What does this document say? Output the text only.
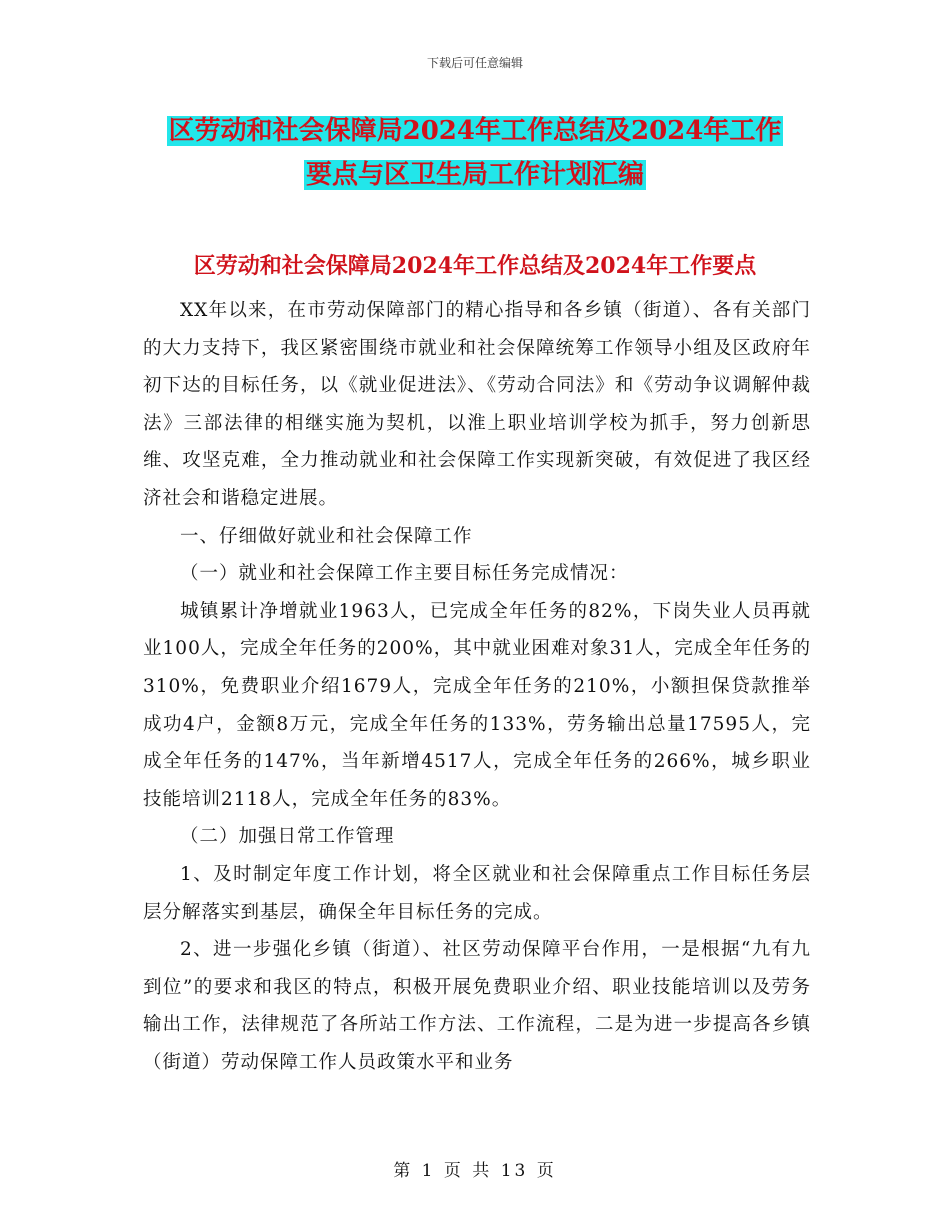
下载后可任意编辑
区劳动和社会保障局2024年工作总结及2024年工作
要点与区卫生局工作计划汇编
区劳动和社会保障局2024年工作总结及2024年工作要点

XX年以来，在市劳动保障部门的精心指导和各乡镇（街道）、各有关部门的大力支持下，我区紧密围绕市就业和社会保障统筹工作领导小组及区政府年初下达的目标任务，以《就业促进法》、《劳动合同法》和《劳动争议调解仲裁法》三部法律的相继实施为契机，以淮上职业培训学校为抓手，努力创新思维、攻坚克难，全力推动就业和社会保障工作实现新突破，有效促进了我区经济社会和谐稳定进展。

一、仔细做好就业和社会保障工作

（一）就业和社会保障工作主要目标任务完成情况：

城镇累计净增就业1963人，已完成全年任务的82%，下岗失业人员再就业100人，完成全年任务的200%，其中就业困难对象31人，完成全年任务的310%，免费职业介绍1679人，完成全年任务的210%，小额担保贷款推举成功4户，金额8万元，完成全年任务的133%，劳务输出总量17595人，完成全年任务的147%，当年新增4517人，完成全年任务的266%，城乡职业技能培训2118人，完成全年任务的83%。

（二）加强日常工作管理

1、及时制定年度工作计划，将全区就业和社会保障重点工作目标任务层层分解落实到基层，确保全年目标任务的完成。

2、进一步强化乡镇（街道）、社区劳动保障平台作用，一是根据“九有九到位”的要求和我区的特点，积极开展免费职业介绍、职业技能培训以及劳务输出工作，法律规范了各所站工作方法、工作流程，二是为进一步提高各乡镇（街道）劳动保障工作人员政策水平和业务

第 1 页 共 13 页
